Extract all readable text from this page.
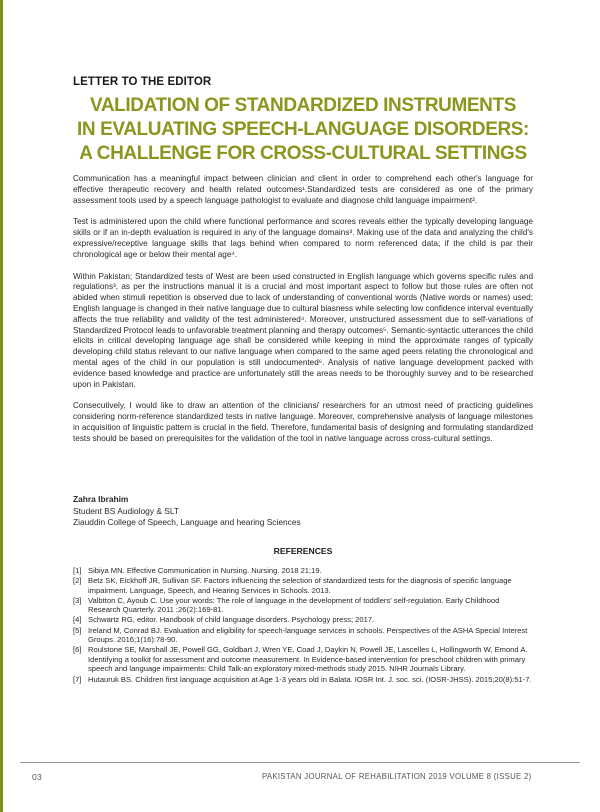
LETTER TO THE EDITOR
VALIDATION OF STANDARDIZED INSTRUMENTS
IN EVALUATING SPEECH-LANGUAGE DISORDERS:
A CHALLENGE FOR CROSS-CULTURAL SETTINGS

Communication has a meaningful impact between clinician and client in order to comprehend each other's language for effective therapeutic recovery and health related outcomes¹.Standardized tests are considered as one of the primary assessment tools used by a speech language pathologist to evaluate and diagnose child language impairment².

Test is administered upon the child where functional performance and scores reveals either the typically developing language skills or if an in-depth evaluation is required in any of the language domains³. Making use of the data and analyzing the child's expressive/receptive language skills that lags behind when compared to norm referenced data; if the child is par their chronological age or below their mental age⁴.

Within Pakistan; Standardized tests of West are been used constructed in English language which governs specific rules and regulations³, as per the instructions manual it is a crucial and most important aspect to follow but those rules are often not abided when stimuli repetition is observed due to lack of understanding of conventional words (Native words or names) used; English language is changed in their native language due to cultural biasness while selecting low confidence interval eventually affects the true reliability and validity of the test administered⁴. Moreover, unstructured assessment due to self-variations of Standardized Protocol leads to unfavorable treatment planning and therapy outcomes⁵. Semantic-syntactic utterances the child elicits in critical developing language age shall be considered while keeping in mind the approximate ranges of typically developing child status relevant to our native language when compared to the same aged peers relating the chronological and mental ages of the child in our population is still undocumented⁶. Analysis of native language development packed with evidence based knowledge and practice are unfortunately still the areas needs to be thoroughly survey and to be researched upon in Pakistan.

Consecutively, I would like to draw an attention of the clinicians/ researchers for an utmost need of practicing guidelines considering norm-reference standardized tests in native language. Moreover, comprehensive analysis of language milestones in acquisition of linguistic pattern is crucial in the field. Therefore, fundamental basis of designing and formulating standardized tests should be based on prerequisites for the validation of the tool in native language across cross-cultural settings.

Zahra Ibrahim
Student BS Audiology & SLT
Ziauddin College of Speech, Language and hearing Sciences
REFERENCES
[1] Sibiya MN. Effective Communication in Nursing. Nursing. 2018 21;19.
[2] Betz SK, Eickhoff JR, Sullivan SF. Factors influencing the selection of standardized tests for the diagnosis of specific language impairment. Language, Speech, and Hearing Services in Schools. 2013.
[3] Valbtton C, Ayoub C. Use your words: The role of language in the development of toddlers' self-regulation. Early Childhood Research Quarterly. 2011 ;26(2):169-81.
[4] Schwartz RG, editor. Handbook of child language disorders. Psychology press; 2017.
[5] Ireland M, Conrad BJ. Evaluation and eligibility for speech-language services in schools. Perspectives of the ASHA Special Interest Groups. 2016;1(16):78-90.
[6] Roulstone SE, Marshall JE, Powell GG, Goldbart J, Wren YE, Coad J, Daykin N, Powell JE, Lascelles L, Hollingworth W, Emond A. Identifying a toolkit for assessment and outcome measurement. In Evidence-based intervention for preschool children with primary speech and language impairments: Child Talk-an exploratory mixed-methods study 2015. NIHR Journals Library.
[7] Hutauruk BS. Children first language acquisition at Age 1-3 years old in Balata. IOSR Int. J. soc. sci. (IOSR-JHSS). 2015;20(8):51-7.
03	PAKISTAN JOURNAL OF REHABILITATION 2019 VOLUME 8 (ISSUE 2)
